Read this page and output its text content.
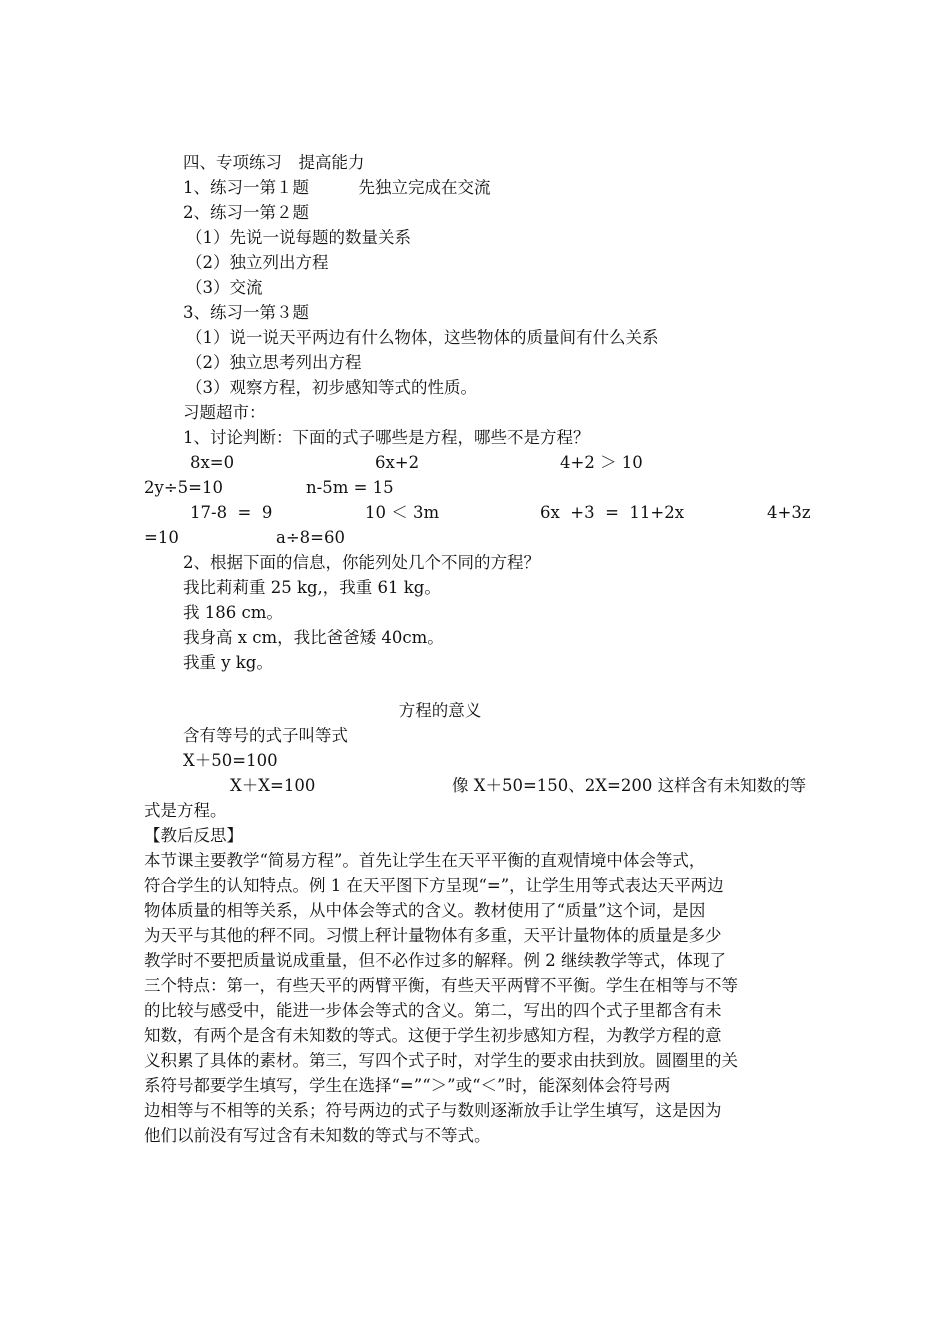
四、专项练习　提高能力
1、练习一第１题　　　先独立完成在交流
2、练习一第２题
（1）先说一说每题的数量关系
（2）独立列出方程
（3）交流
3、练习一第３题
（1）说一说天平两边有什么物体，这些物体的质量间有什么关系
（2）独立思考列出方程
（3）观察方程，初步感知等式的性质。
习题超市：
1、讨论判断：下面的式子哪些是方程，哪些不是方程？
8x=0	6x+2	4+2 ＞ 10
2y÷5=10	n-5m = 15
17-8  =  9	10 ＜ 3m	6x  +3  =  11+2x	4+3z
=10	a÷8=60
2、根据下面的信息，你能列处几个不同的方程？
我比莉莉重 25 kg,，我重 61 kg。
我 186 cm。
我身高 x cm，我比爸爸矮 40cm。
我重 y kg。
方程的意义
含有等号的式子叫等式
X＋50=100
X＋X=100	像 X＋50=150、2X=200 这样含有未知数的等
式是方程。
【教后反思】
本节课主要教学“简易方程”。首先让学生在天平平衡的直观情境中体会等式，
符合学生的认知特点。例 1 在天平图下方呈现“=”，让学生用等式表达天平两边
物体质量的相等关系，从中体会等式的含义。教材使用了“质量”这个词，是因
为天平与其他的秤不同。习惯上秤计量物体有多重，天平计量物体的质量是多少
教学时不要把质量说成重量，但不必作过多的解释。例 2 继续教学等式，体现了
三个特点：第一，有些天平的两臂平衡，有些天平两臂不平衡。学生在相等与不等
的比较与感受中，能进一步体会等式的含义。第二，写出的四个式子里都含有未
知数，有两个是含有未知数的等式。这便于学生初步感知方程，为教学方程的意
义积累了具体的素材。第三，写四个式子时，对学生的要求由扶到放。圆圈里的关
系符号都要学生填写，学生在选择“=”“＞”或“＜”时，能深刻体会符号两
边相等与不相等的关系；符号两边的式子与数则逐渐放手让学生填写，这是因为
他们以前没有写过含有未知数的等式与不等式。
